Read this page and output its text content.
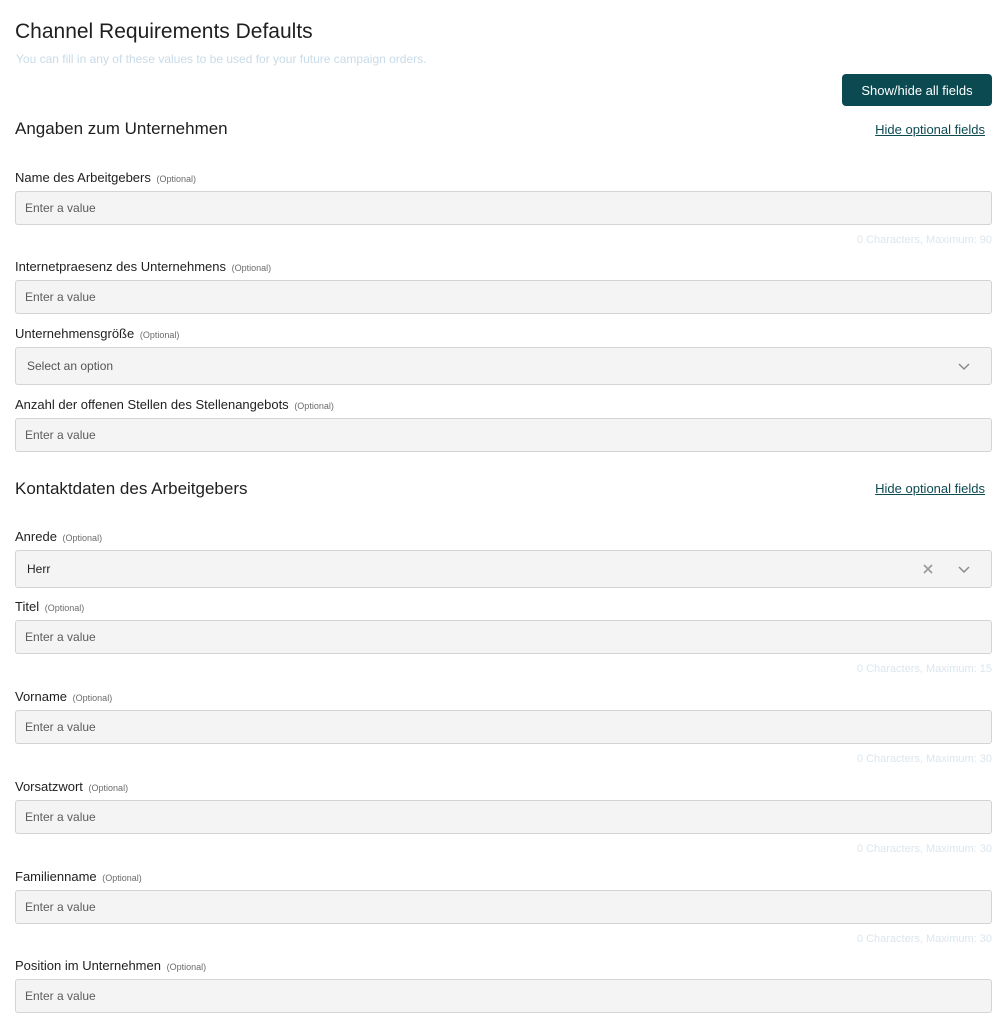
Channel Requirements Defaults
You can fill in any of these values to be used for your future campaign orders.
Show/hide all fields
Angaben zum Unternehmen	Hide optional fields
Name des Arbeitgebers (Optional)
Enter a value
0 Characters, Maximum: 90
Internetpraesenz des Unternehmens (Optional)
Enter a value
Unternehmensgröße (Optional)
Select an option
Anzahl der offenen Stellen des Stellenangebots (Optional)
Enter a value
Kontaktdaten des Arbeitgebers	Hide optional fields
Anrede (Optional)
Herr
Titel (Optional)
Enter a value
0 Characters, Maximum: 15
Vorname (Optional)
Enter a value
0 Characters, Maximum: 30
Vorsatzwort (Optional)
Enter a value
0 Characters, Maximum: 30
Familienname (Optional)
Enter a value
0 Characters, Maximum: 30
Position im Unternehmen (Optional)
Enter a value
